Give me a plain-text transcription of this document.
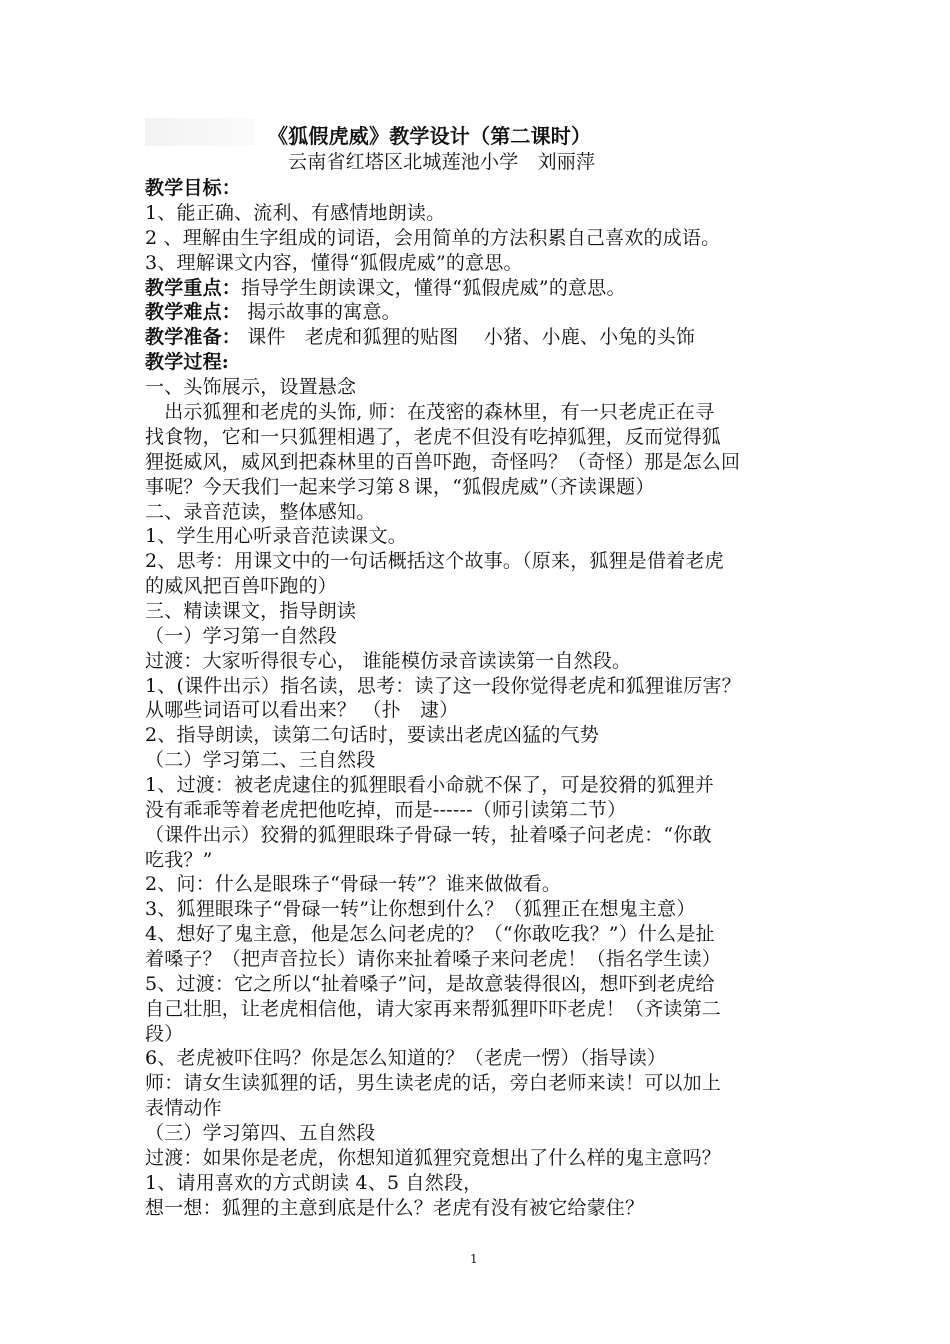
《狐假虎威》教学设计（第二课时）
云南省红塔区北城莲池小学　刘丽萍
教学目标：
1、能正确、流利、有感情地朗读。
2 、理解由生字组成的词语，会用简单的方法积累自己喜欢的成语。
3、理解课文内容，懂得“狐假虎威”的意思。
教学重点：指导学生朗读课文，懂得“狐假虎威”的意思。
教学难点： 揭示故事的寓意。
教学准备： 课件　老虎和狐狸的贴图　 小猪、小鹿、小兔的头饰
教学过程:
一、头饰展示，设置悬念
　出示狐狸和老虎的头饰, 师：在茂密的森林里，有一只老虎正在寻
找食物，它和一只狐狸相遇了，老虎不但没有吃掉狐狸，反而觉得狐
狸挺威风，威风到把森林里的百兽吓跑，奇怪吗？（奇怪）那是怎么回
事呢？今天我们一起来学习第８课，“狐假虎威”（齐读课题）
二、录音范读，整体感知。
1、学生用心听录音范读课文。
2、思考：用课文中的一句话概括这个故事。（原来，狐狸是借着老虎
的威风把百兽吓跑的）
三、精读课文，指导朗读
（一）学习第一自然段
过渡：大家听得很专心， 谁能模仿录音读读第一自然段。
1、(课件出示）指名读，思考：读了这一段你觉得老虎和狐狸谁厉害？
从哪些词语可以看出来？ （扑　逮）
2、指导朗读，读第二句话时，要读出老虎凶猛的气势
（二）学习第二、三自然段
1、过渡：被老虎逮住的狐狸眼看小命就不保了，可是狡猾的狐狸并
没有乖乖等着老虎把他吃掉，而是------（师引读第二节）
（课件出示）狡猾的狐狸眼珠子骨碌一转，扯着嗓子问老虎：“你敢
吃我？”
2、问：什么是眼珠子“骨碌一转”？谁来做做看。
3、狐狸眼珠子“骨碌一转”让你想到什么？（狐狸正在想鬼主意）
4、想好了鬼主意，他是怎么问老虎的？（“你敢吃我？”）什么是扯
着嗓子？（把声音拉长）请你来扯着嗓子来问老虎！（指名学生读）
5、过渡：它之所以“扯着嗓子”问，是故意装得很凶，想吓到老虎给
自己壮胆，让老虎相信他，请大家再来帮狐狸吓吓老虎！（齐读第二
段）
6、老虎被吓住吗？你是怎么知道的？（老虎一愣）（指导读）
师：请女生读狐狸的话，男生读老虎的话，旁白老师来读！可以加上
表情动作
（三）学习第四、五自然段
过渡：如果你是老虎，你想知道狐狸究竟想出了什么样的鬼主意吗？
1、请用喜欢的方式朗读 4、5 自然段，
想一想：狐狸的主意到底是什么？老虎有没有被它给蒙住？
1
